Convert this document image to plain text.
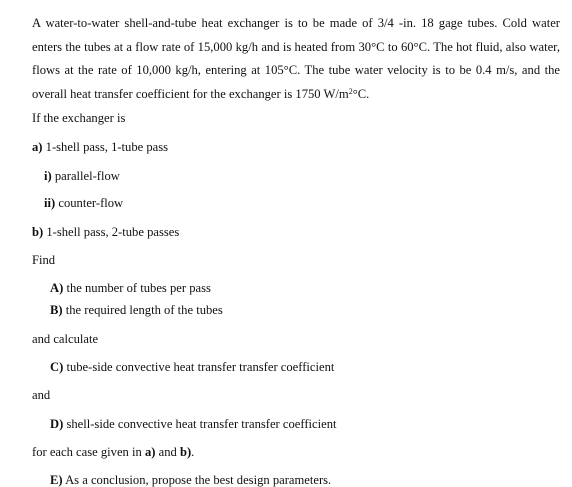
A water-to-water shell-and-tube heat exchanger is to be made of 3/4 -in. 18 gage tubes. Cold water enters the tubes at a flow rate of 15,000 kg/h and is heated from 30°C to 60°C. The hot fluid, also water, flows at the rate of 10,000 kg/h, entering at 105°C. The tube water velocity is to be 0.4 m/s, and the overall heat transfer coefficient for the exchanger is 1750 $W/m^2^\circ C$.
If the exchanger is
a) 1-shell pass, 1-tube pass
i) parallel-flow
ii) counter-flow
b) 1-shell pass, 2-tube passes
Find
A) the number of tubes per pass
B) the required length of the tubes
and calculate
C) tube-side convective heat transfer transfer coefficient
and
D) shell-side convective heat transfer transfer coefficient
for each case given in a) and b).
E) As a conclusion, propose the best design parameters.
